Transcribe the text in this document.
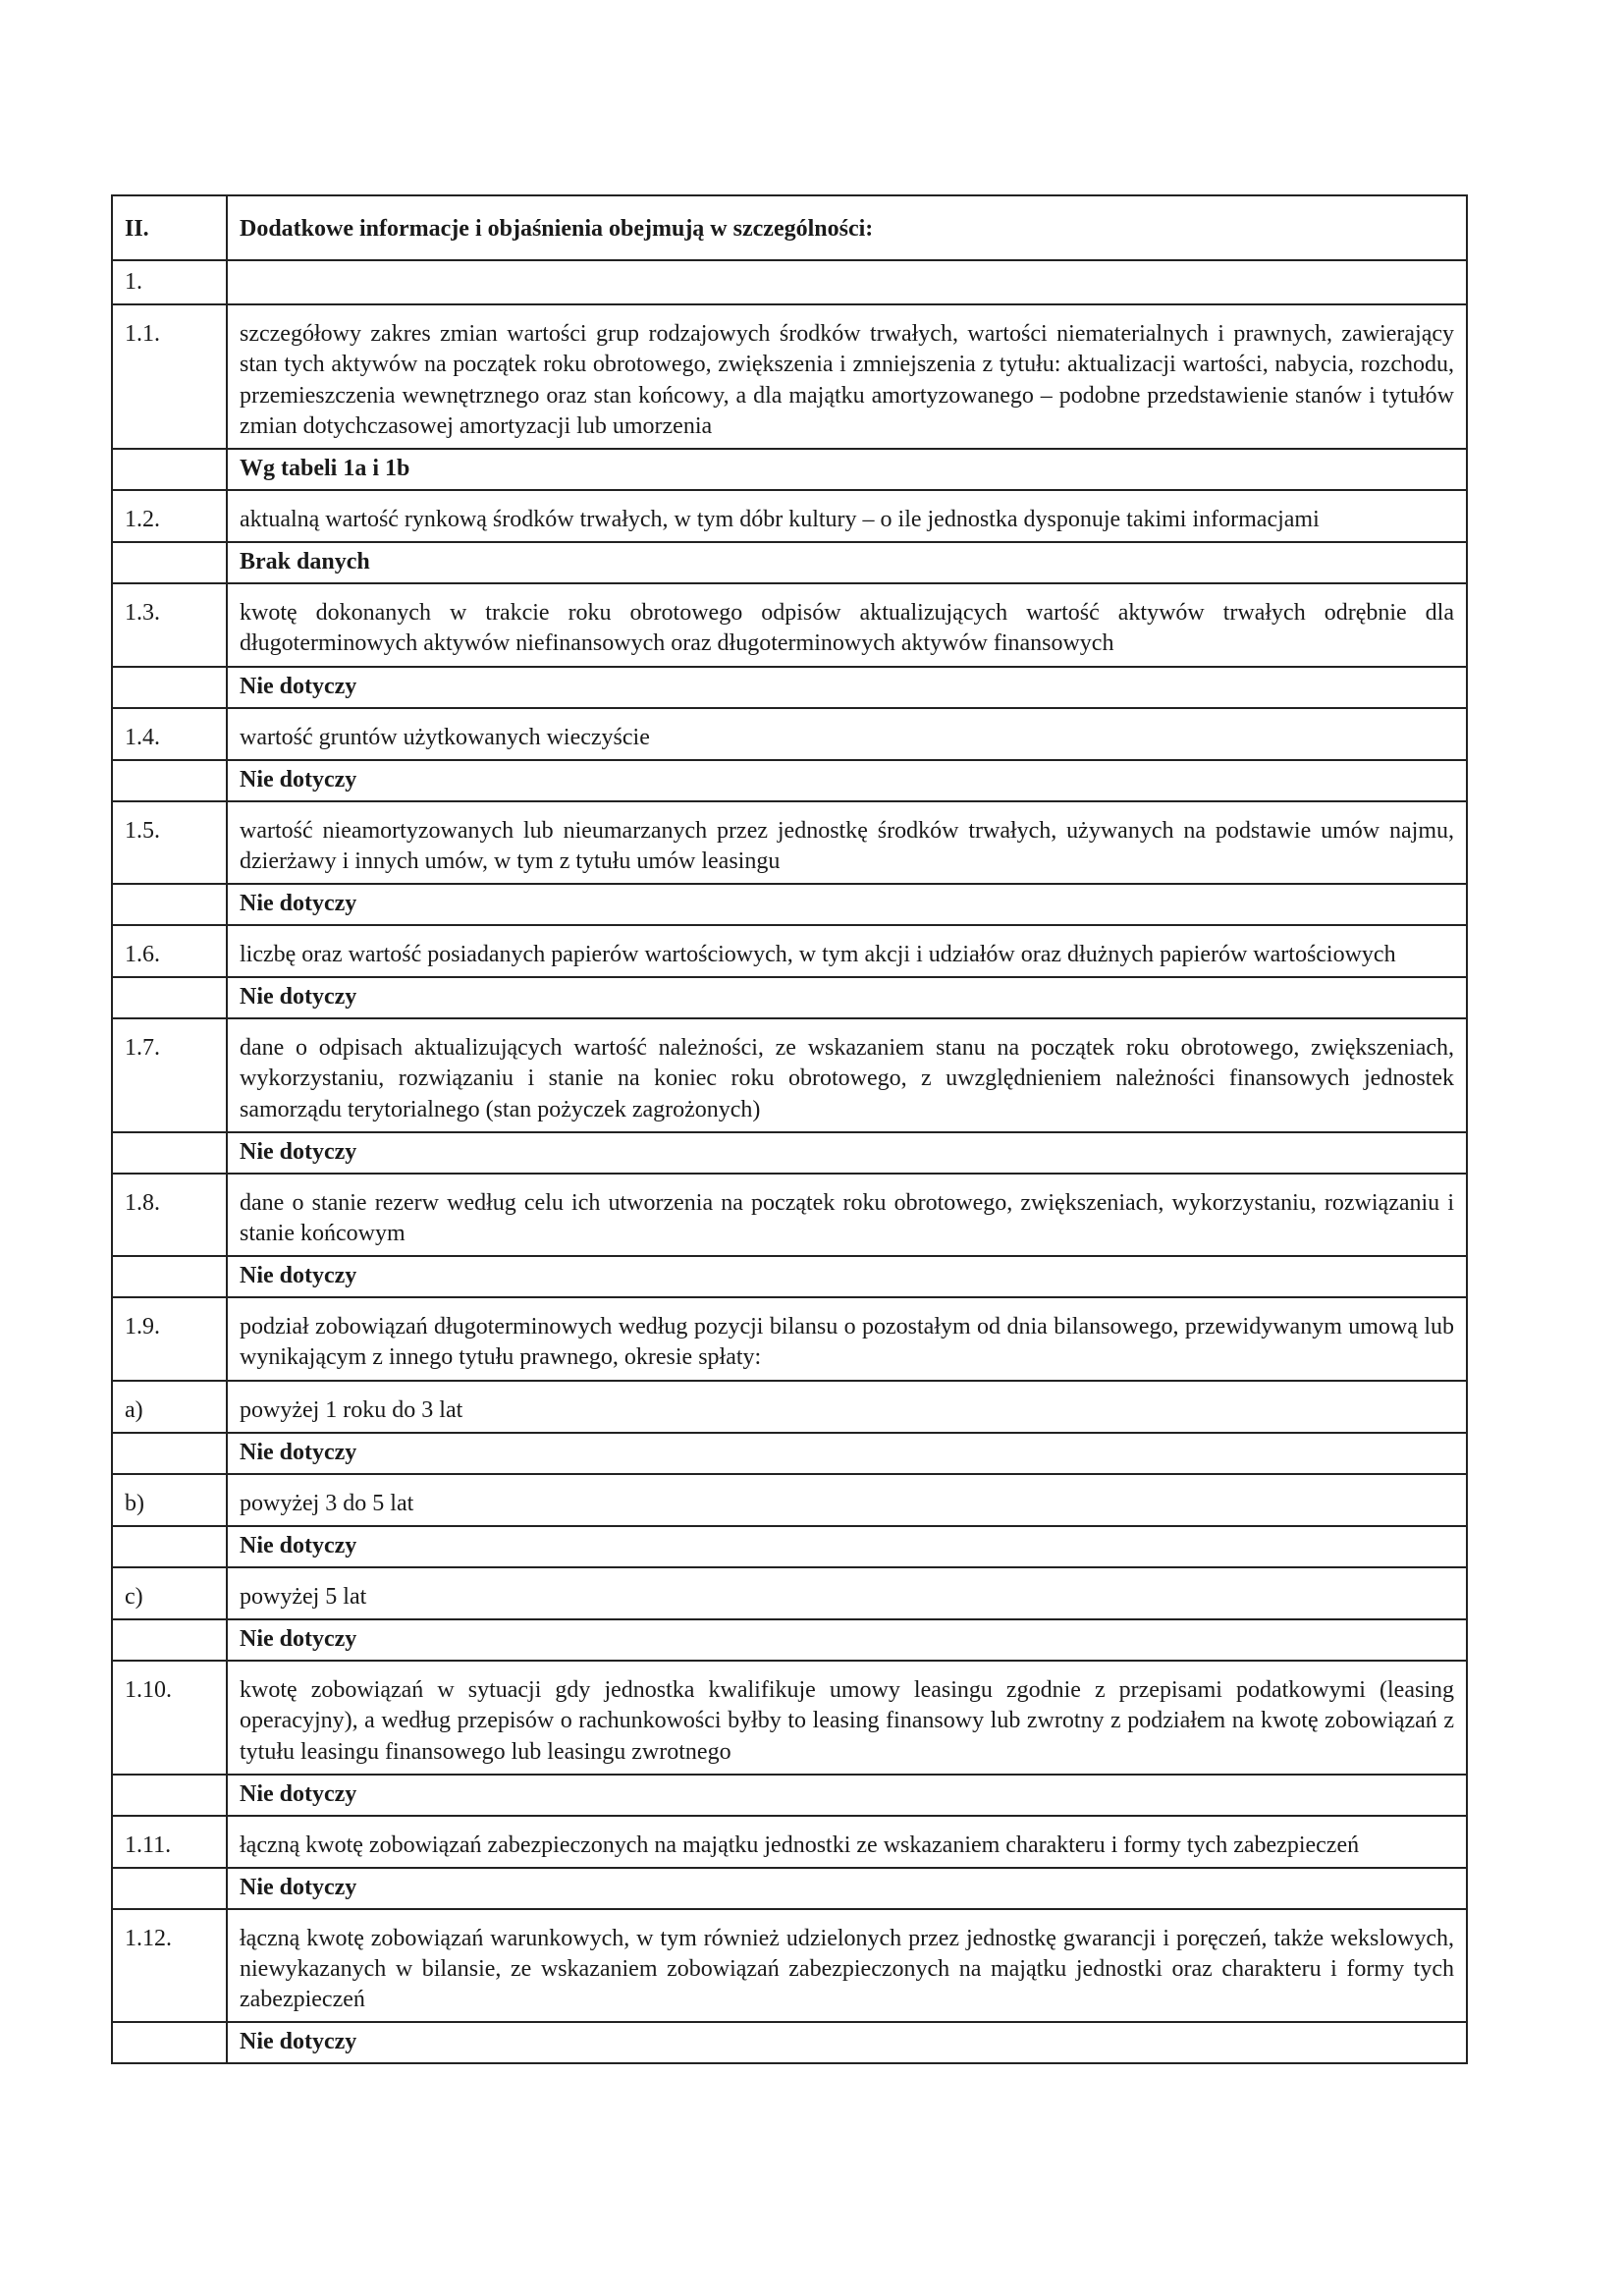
II.	Dodatkowe informacje i objaśnienia obejmują w szczególności:
1.	
1.1.	szczegółowy zakres zmian wartości grup rodzajowych środków trwałych, wartości niematerialnych i prawnych, zawierający stan tych aktywów na początek roku obrotowego, zwiększenia i zmniejszenia z tytułu: aktualizacji wartości, nabycia, rozchodu, przemieszczenia wewnętrznego oraz stan końcowy, a dla majątku amortyzowanego – podobne przedstawienie stanów i tytułów zmian dotychczasowej amortyzacji lub umorzenia
	Wg tabeli 1a i 1b
1.2.	aktualną wartość rynkową środków trwałych, w tym dóbr kultury – o ile jednostka dysponuje takimi informacjami
	Brak danych
1.3.	kwotę dokonanych w trakcie roku obrotowego odpisów aktualizujących wartość aktywów trwałych odrębnie dla długoterminowych aktywów niefinansowych oraz długoterminowych aktywów finansowych
	Nie dotyczy
1.4.	wartość gruntów użytkowanych wieczyście
	Nie dotyczy
1.5.	wartość nieamortyzowanych lub nieumarzanych przez jednostkę środków trwałych, używanych na podstawie umów najmu, dzierżawy i innych umów, w tym z tytułu umów leasingu
	Nie dotyczy
1.6.	liczbę oraz wartość posiadanych papierów wartościowych, w tym akcji i udziałów oraz dłużnych papierów wartościowych
	Nie dotyczy
1.7.	dane o odpisach aktualizujących wartość należności, ze wskazaniem stanu na początek roku obrotowego, zwiększeniach, wykorzystaniu, rozwiązaniu i stanie na koniec roku obrotowego, z uwzględnieniem należności finansowych jednostek samorządu terytorialnego (stan pożyczek zagrożonych)
	Nie dotyczy
1.8.	dane o stanie rezerw według celu ich utworzenia na początek roku obrotowego, zwiększeniach, wykorzystaniu, rozwiązaniu i stanie końcowym
	Nie dotyczy
1.9.	podział zobowiązań długoterminowych według pozycji bilansu o pozostałym od dnia bilansowego, przewidywanym umową lub wynikającym z innego tytułu prawnego, okresie spłaty:
a)	powyżej 1 roku do 3 lat
	Nie dotyczy
b)	powyżej 3 do 5 lat
	Nie dotyczy
c)	powyżej 5 lat
	Nie dotyczy
1.10.	kwotę zobowiązań w sytuacji gdy jednostka kwalifikuje umowy leasingu zgodnie z przepisami podatkowymi (leasing operacyjny), a według przepisów o rachunkowości byłby to leasing finansowy lub zwrotny z podziałem na kwotę zobowiązań z tytułu leasingu finansowego lub leasingu zwrotnego
	Nie dotyczy
1.11.	łączną kwotę zobowiązań zabezpieczonych na majątku jednostki ze wskazaniem charakteru i formy tych zabezpieczeń
	Nie dotyczy
1.12.	łączną kwotę zobowiązań warunkowych, w tym również udzielonych przez jednostkę gwarancji i poręczeń, także wekslowych, niewykazanych w bilansie, ze wskazaniem zobowiązań zabezpieczonych na majątku jednostki oraz charakteru i formy tych zabezpieczeń
	Nie dotyczy
